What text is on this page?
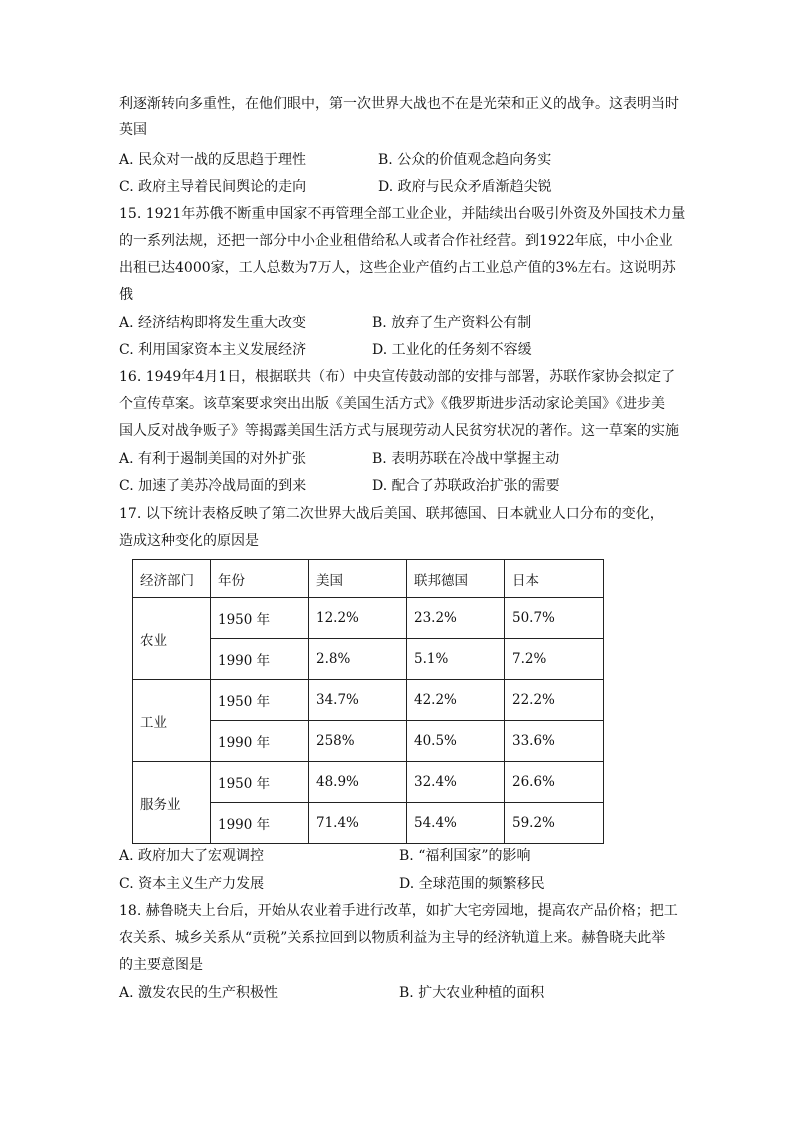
利逐渐转向多重性，在他们眼中，第一次世界大战也不在是光荣和正义的战争。这表明当时
英国
A. 民众对一战的反思趋于理性	B. 公众的价值观念趋向务实
C. 政府主导着民间舆论的走向	D. 政府与民众矛盾渐趋尖锐
15. 1921年苏俄不断重申国家不再管理全部工业企业，并陆续出台吸引外资及外国技术力量
的一系列法规，还把一部分中小企业租借给私人或者合作社经营。到1922年底，中小企业
出租已达4000家，工人总数为7万人，这些企业产值约占工业总产值的3%左右。这说明苏
俄
A. 经济结构即将发生重大改变	B. 放弃了生产资料公有制
C. 利用国家资本主义发展经济	D. 工业化的任务刻不容缓
16. 1949年4月1日，根据联共（布）中央宣传鼓动部的安排与部署，苏联作家协会拟定了
个宣传草案。该草案要求突出出版《美国生活方式》《俄罗斯进步活动家论美国》《进步美
国人反对战争贩子》等揭露美国生活方式与展现劳动人民贫穷状况的著作。这一草案的实施
A. 有利于遏制美国的对外扩张	B. 表明苏联在冷战中掌握主动
C. 加速了美苏冷战局面的到来	D. 配合了苏联政治扩张的需要
17. 以下统计表格反映了第二次世界大战后美国、联邦德国、日本就业人口分布的变化，
造成这种变化的原因是
经济部门	年份	美国	联邦德国	日本
农业	1950 年	12.2%	23.2%	50.7%
	1990 年	2.8%	5.1%	7.2%
工业	1950 年	34.7%	42.2%	22.2%
	1990 年	258%	40.5%	33.6%
服务业	1950 年	48.9%	32.4%	26.6%
	1990 年	71.4%	54.4%	59.2%
A. 政府加大了宏观调控	B. “福利国家”的影响
C. 资本主义生产力发展	D. 全球范围的频繁移民
18. 赫鲁晓夫上台后，开始从农业着手进行改革，如扩大宅旁园地，提高农产品价格；把工
农关系、城乡关系从“贡税”关系拉回到以物质利益为主导的经济轨道上来。赫鲁晓夫此举
的主要意图是
A. 激发农民的生产积极性	B. 扩大农业种植的面积
